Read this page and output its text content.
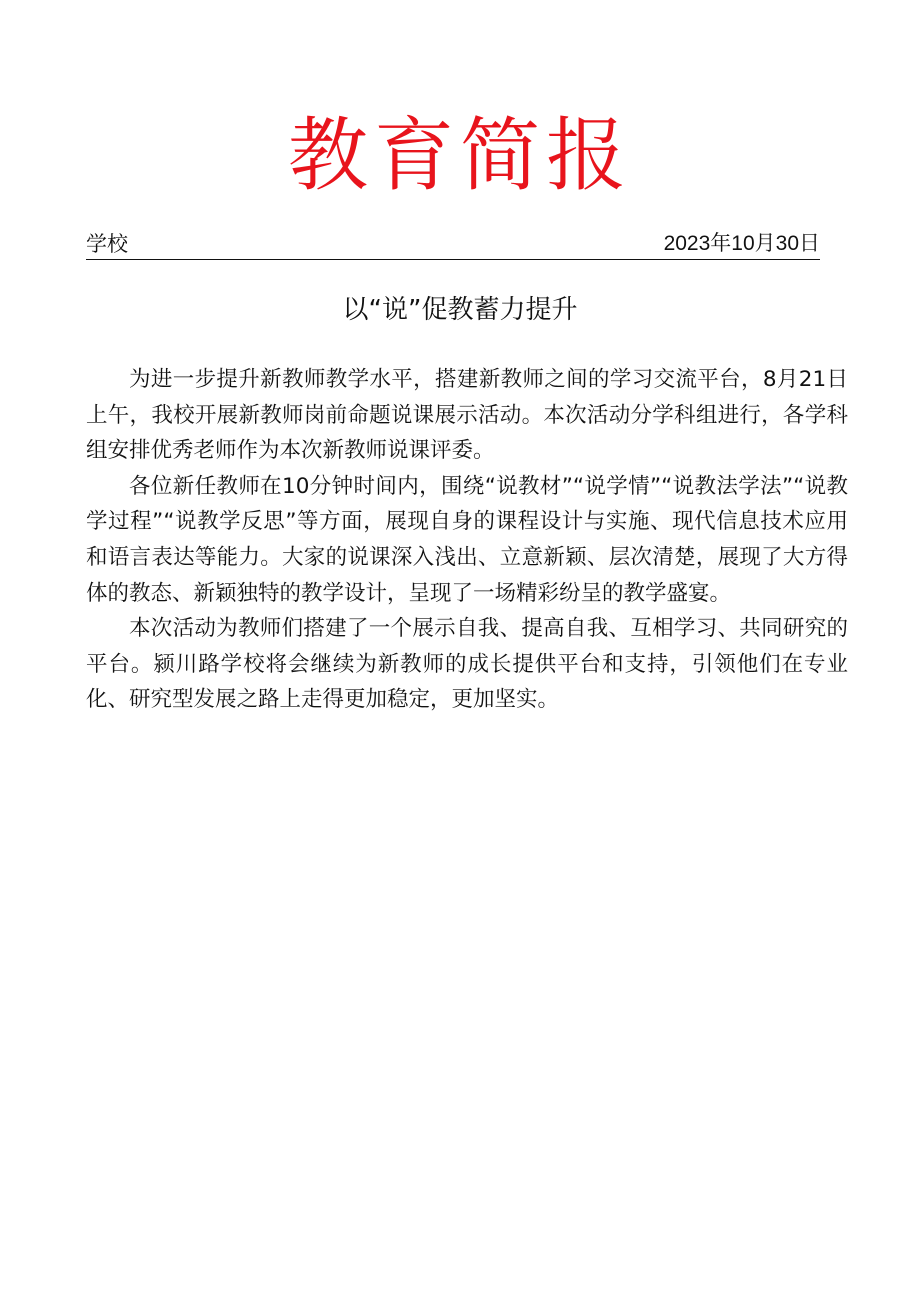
教育简报
学校	2023年10月30日
以“说”促教蓄力提升

为进一步提升新教师教学水平，搭建新教师之间的学习交流平台，8月21日上午，我校开展新教师岗前命题说课展示活动。本次活动分学科组进行，各学科组安排优秀老师作为本次新教师说课评委。

各位新任教师在10分钟时间内，围绕“说教材”“说学情”“说教法学法”“说教学过程”“说教学反思”等方面，展现自身的课程设计与实施、现代信息技术应用和语言表达等能力。大家的说课深入浅出、立意新颖、层次清楚，展现了大方得体的教态、新颖独特的教学设计，呈现了一场精彩纷呈的教学盛宴。

本次活动为教师们搭建了一个展示自我、提高自我、互相学习、共同研究的平台。颍川路学校将会继续为新教师的成长提供平台和支持，引领他们在专业化、研究型发展之路上走得更加稳定，更加坚实。
